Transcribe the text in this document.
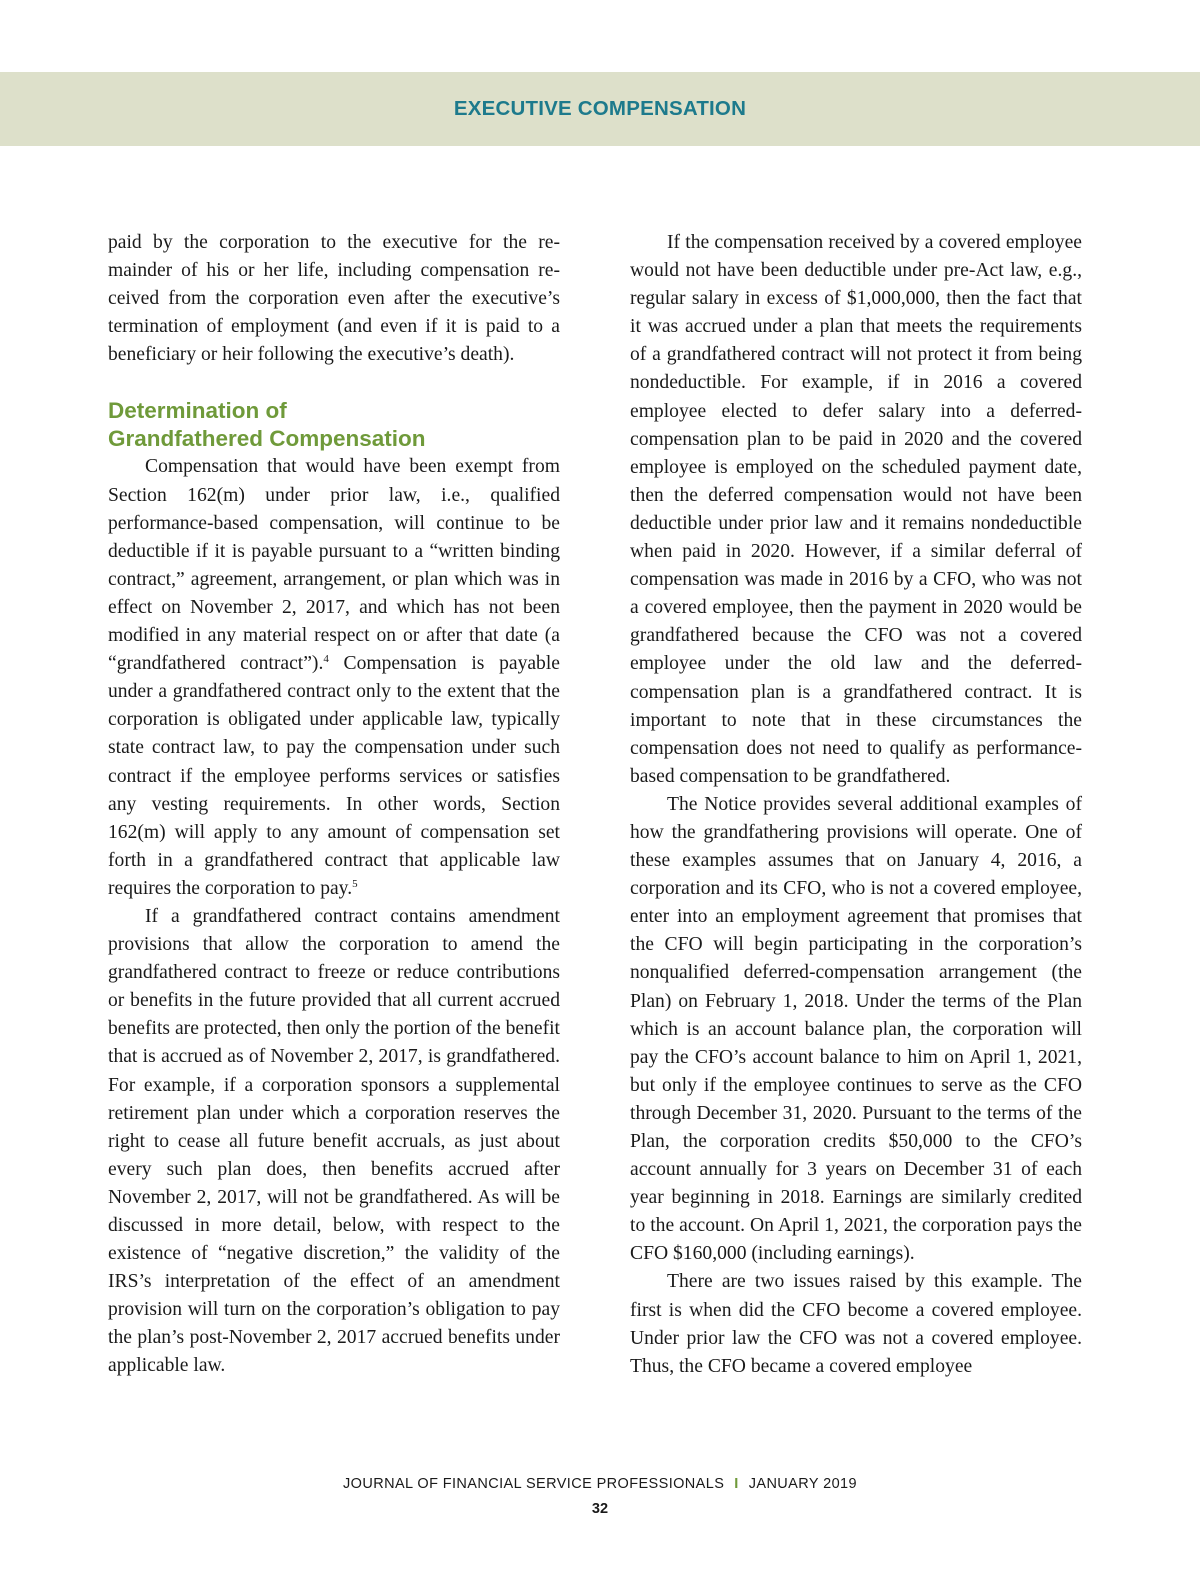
EXECUTIVE COMPENSATION

paid by the corporation to the executive for the remainder of his or her life, including compensation received from the corporation even after the executive’s termination of employment (and even if it is paid to a beneficiary or heir following the executive’s death).

Determination of
Grandfathered Compensation

Compensation that would have been exempt from Section 162(m) under prior law, i.e., qualified performance-based compensation, will continue to be deductible if it is payable pursuant to a “written binding contract,” agreement, arrangement, or plan which was in effect on November 2, 2017, and which has not been modified in any material respect on or after that date (a “grandfathered contract”).$^4$ Compensation is payable under a grandfathered contract only to the extent that the corporation is obligated under applicable law, typically state contract law, to pay the compensation under such contract if the employee performs services or satisfies any vesting requirements. In other words, Section 162(m) will apply to any amount of compensation set forth in a grandfathered contract that applicable law requires the corporation to pay.$^5$

If a grandfathered contract contains amendment provisions that allow the corporation to amend the grandfathered contract to freeze or reduce contributions or benefits in the future provided that all current accrued benefits are protected, then only the portion of the benefit that is accrued as of November 2, 2017, is grandfathered. For example, if a corporation sponsors a supplemental retirement plan under which a corporation reserves the right to cease all future benefit accruals, as just about every such plan does, then benefits accrued after November 2, 2017, will not be grandfathered. As will be discussed in more detail, below, with respect to the existence of “negative discretion,” the validity of the IRS’s interpretation of the effect of an amendment provision will turn on the corporation’s obligation to pay the plan’s post-November 2, 2017 accrued benefits under applicable law.

If the compensation received by a covered employee would not have been deductible under pre-Act law, e.g., regular salary in excess of $1,000,000, then the fact that it was accrued under a plan that meets the requirements of a grandfathered contract will not protect it from being nondeductible. For example, if in 2016 a covered employee elected to defer salary into a deferred-compensation plan to be paid in 2020 and the covered employee is employed on the scheduled payment date, then the deferred compensation would not have been deductible under prior law and it remains nondeductible when paid in 2020. However, if a similar deferral of compensation was made in 2016 by a CFO, who was not a covered employee, then the payment in 2020 would be grandfathered because the CFO was not a covered employee under the old law and the deferred-compensation plan is a grandfathered contract. It is important to note that in these circumstances the compensation does not need to qualify as performance-based compensation to be grandfathered.

The Notice provides several additional examples of how the grandfathering provisions will operate. One of these examples assumes that on January 4, 2016, a corporation and its CFO, who is not a covered employee, enter into an employment agreement that promises that the CFO will begin participating in the corporation’s nonqualified deferred-compensation arrangement (the Plan) on February 1, 2018. Under the terms of the Plan which is an account balance plan, the corporation will pay the CFO’s account balance to him on April 1, 2021, but only if the employee continues to serve as the CFO through December 31, 2020. Pursuant to the terms of the Plan, the corporation credits $50,000 to the CFO’s account annually for 3 years on December 31 of each year beginning in 2018. Earnings are similarly credited to the account. On April 1, 2021, the corporation pays the CFO $160,000 (including earnings).

There are two issues raised by this example. The first is when did the CFO become a covered employee. Under prior law the CFO was not a covered employee. Thus, the CFO became a covered employee

JOURNAL OF FINANCIAL SERVICE PROFESSIONALS I JANUARY 2019
32
